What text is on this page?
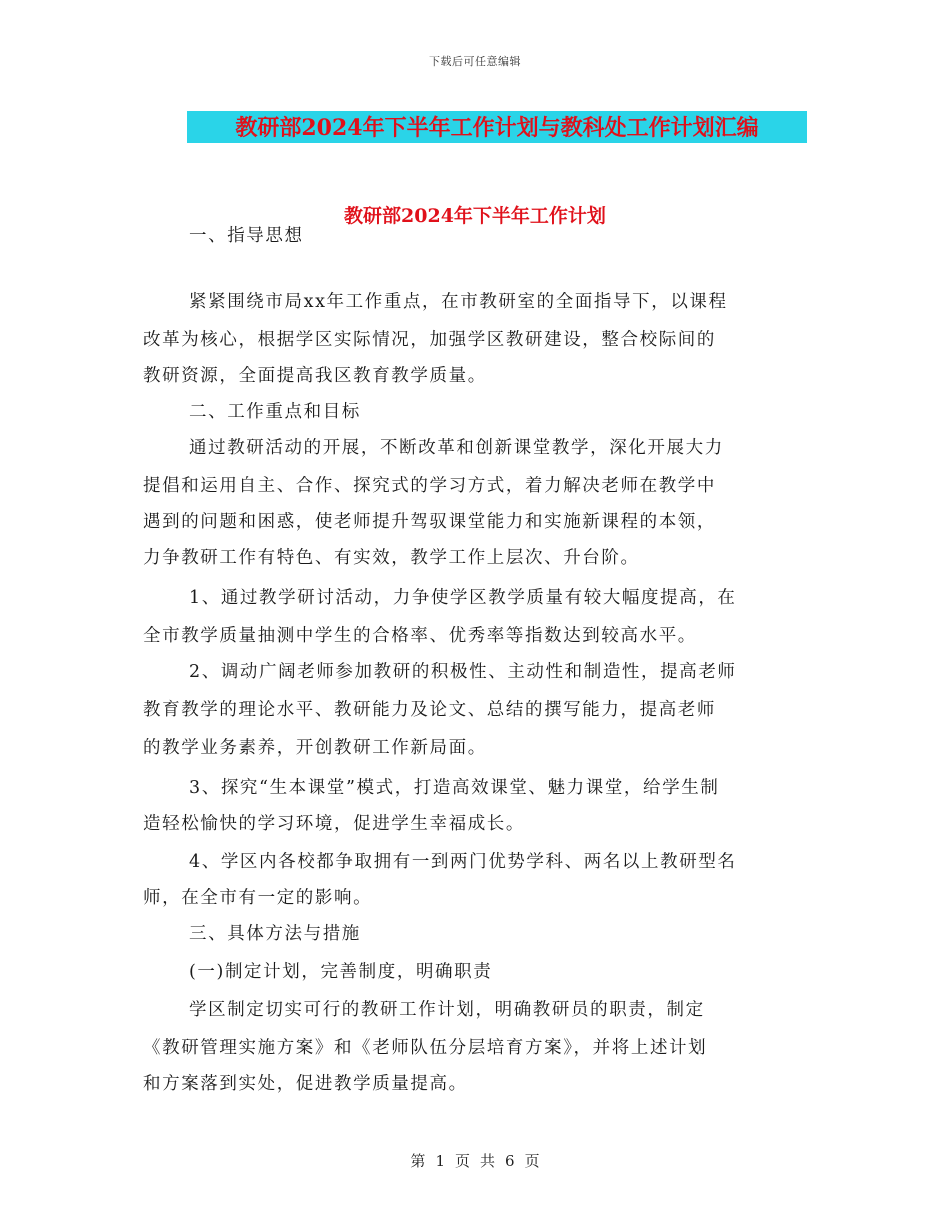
下载后可任意编辑
教研部2024年下半年工作计划与教科处工作计划汇编
教研部2024年下半年工作计划
一、指导思想
紧紧围绕市局xx年工作重点，在市教研室的全面指导下，以课程
改革为核心，根据学区实际情况，加强学区教研建设，整合校际间的
教研资源，全面提高我区教育教学质量。
二、工作重点和目标
通过教研活动的开展，不断改革和创新课堂教学，深化开展大力
提倡和运用自主、合作、探究式的学习方式，着力解决老师在教学中
遇到的问题和困惑，使老师提升驾驭课堂能力和实施新课程的本领，
力争教研工作有特色、有实效，教学工作上层次、升台阶。
1、通过教学研讨活动，力争使学区教学质量有较大幅度提高，在
全市教学质量抽测中学生的合格率、优秀率等指数达到较高水平。
2、调动广阔老师参加教研的积极性、主动性和制造性，提高老师
教育教学的理论水平、教研能力及论文、总结的撰写能力，提高老师
的教学业务素养，开创教研工作新局面。
3、探究“生本课堂”模式，打造高效课堂、魅力课堂，给学生制
造轻松愉快的学习环境，促进学生幸福成长。
4、学区内各校都争取拥有一到两门优势学科、两名以上教研型名
师，在全市有一定的影响。
三、具体方法与措施
(一)制定计划，完善制度，明确职责
学区制定切实可行的教研工作计划，明确教研员的职责，制定
《教研管理实施方案》和《老师队伍分层培育方案》，并将上述计划
和方案落到实处，促进教学质量提高。
第 1 页 共 6 页
